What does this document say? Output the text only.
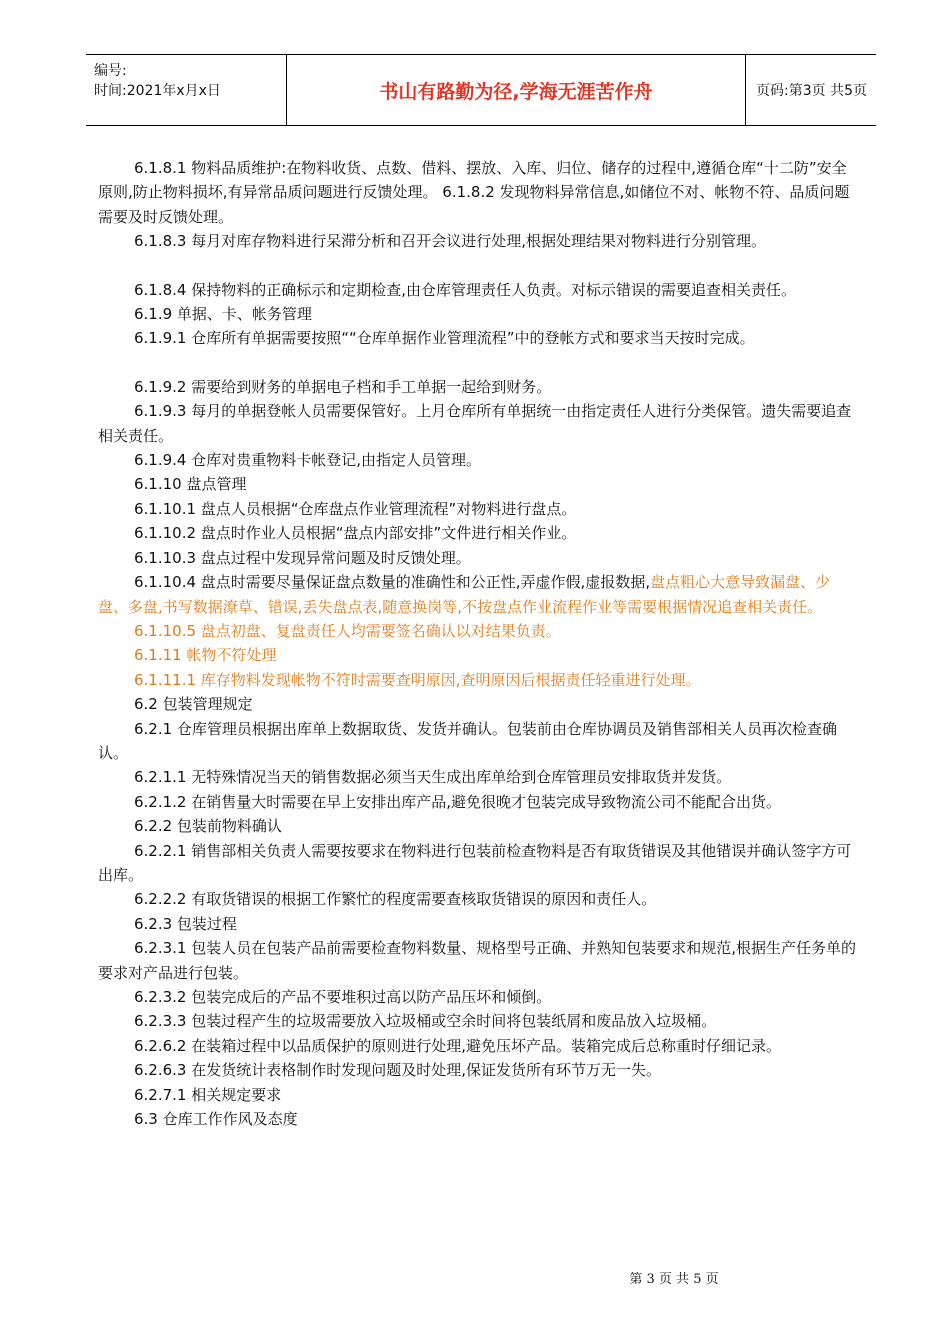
编号:
时间:2021年x月x日	书山有路勤为径,学海无涯苦作舟	页码:第3页 共5页

6.1.8.1 物料品质维护:在物料收货、点数、借料、摆放、入库、归位、储存的过程中,遵循仓库“十二防”安全原则,防止物料损坏,有异常品质问题进行反馈处理。 6.1.8.2 发现物料异常信息,如储位不对、帐物不符、品质问题需要及时反馈处理。

6.1.8.3 每月对库存物料进行呆滞分析和召开会议进行处理,根据处理结果对物料进行分别管理。

6.1.8.4 保持物料的正确标示和定期检查,由仓库管理责任人负责。对标示错误的需要追查相关责任。

6.1.9 单据、卡、帐务管理

6.1.9.1 仓库所有单据需要按照““仓库单据作业管理流程”中的登帐方式和要求当天按时完成。

6.1.9.2 需要给到财务的单据电子档和手工单据一起给到财务。

6.1.9.3 每月的单据登帐人员需要保管好。上月仓库所有单据统一由指定责任人进行分类保管。遗失需要追查相关责任。

6.1.9.4 仓库对贵重物料卡帐登记,由指定人员管理。

6.1.10 盘点管理

6.1.10.1 盘点人员根据“仓库盘点作业管理流程”对物料进行盘点。

6.1.10.2 盘点时作业人员根据“盘点内部安排”文件进行相关作业。

6.1.10.3 盘点过程中发现异常问题及时反馈处理。

6.1.10.4 盘点时需要尽量保证盘点数量的准确性和公正性,弄虚作假,虚报数据,盘点粗心大意导致漏盘、少盘、多盘,书写数据潦草、错误,丢失盘点表,随意换岗等,不按盘点作业流程作业等需要根据情况追查相关责任。

6.1.10.5 盘点初盘、复盘责任人均需要签名确认以对结果负责。

6.1.11 帐物不符处理

6.1.11.1 库存物料发现帐物不符时需要查明原因,查明原因后根据责任轻重进行处理。

6.2 包装管理规定

6.2.1 仓库管理员根据出库单上数据取货、发货并确认。包装前由仓库协调员及销售部相关人员再次检查确认。

6.2.1.1 无特殊情况当天的销售数据必须当天生成出库单给到仓库管理员安排取货并发货。

6.2.1.2 在销售量大时需要在早上安排出库产品,避免很晚才包装完成导致物流公司不能配合出货。

6.2.2 包装前物料确认

6.2.2.1 销售部相关负责人需要按要求在物料进行包装前检查物料是否有取货错误及其他错误并确认签字方可出库。

6.2.2.2 有取货错误的根据工作繁忙的程度需要查核取货错误的原因和责任人。

6.2.3 包装过程

6.2.3.1 包装人员在包装产品前需要检查物料数量、规格型号正确、并熟知包装要求和规范,根据生产任务单的要求对产品进行包装。

6.2.3.2 包装完成后的产品不要堆积过高以防产品压坏和倾倒。

6.2.3.3 包装过程产生的垃圾需要放入垃圾桶或空余时间将包装纸屑和废品放入垃圾桶。

6.2.6.2 在装箱过程中以品质保护的原则进行处理,避免压坏产品。装箱完成后总称重时仔细记录。

6.2.6.3 在发货统计表格制作时发现问题及时处理,保证发货所有环节万无一失。

6.2.7.1 相关规定要求

6.3 仓库工作作风及态度

第 3 页 共 5 页
